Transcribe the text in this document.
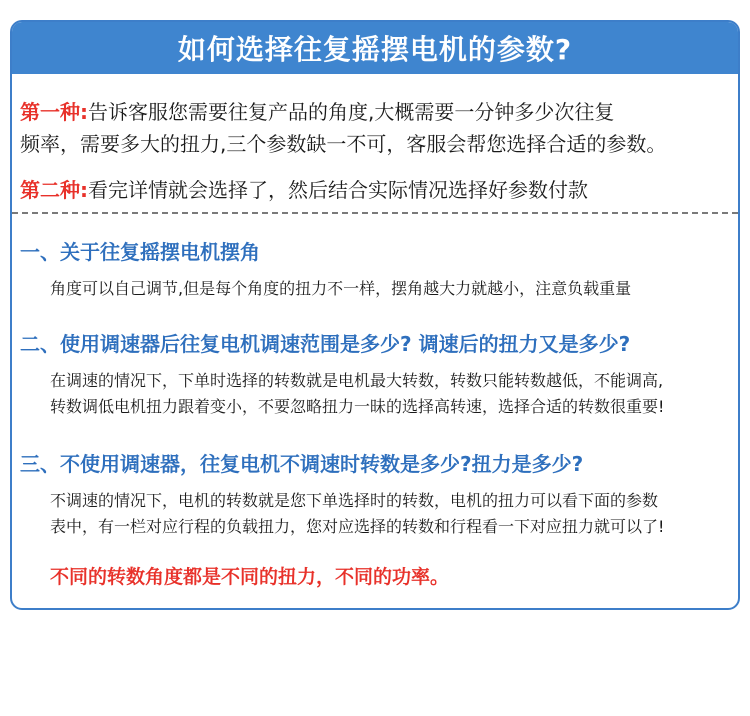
如何选择往复摇摆电机的参数?
第一种:告诉客服您需要往复产品的角度,大概需要一分钟多少次往复
频率，需要多大的扭力,三个参数缺一不可，客服会帮您选择合适的参数。
第二种:看完详情就会选择了，然后结合实际情况选择好参数付款
一、关于往复摇摆电机摆角
角度可以自己调节,但是每个角度的扭力不一样，摆角越大力就越小，注意负载重量
二、使用调速器后往复电机调速范围是多少? 调速后的扭力又是多少?
在调速的情况下，下单时选择的转数就是电机最大转数，转数只能转数越低，不能调高,
转数调低电机扭力跟着变小，不要忽略扭力一昧的选择高转速，选择合适的转数很重要!
三、不使用调速器，往复电机不调速时转数是多少?扭力是多少?
不调速的情况下，电机的转数就是您下单选择时的转数，电机的扭力可以看下面的参数
表中，有一栏对应行程的负载扭力，您对应选择的转数和行程看一下对应扭力就可以了!
不同的转数角度都是不同的扭力，不同的功率。
